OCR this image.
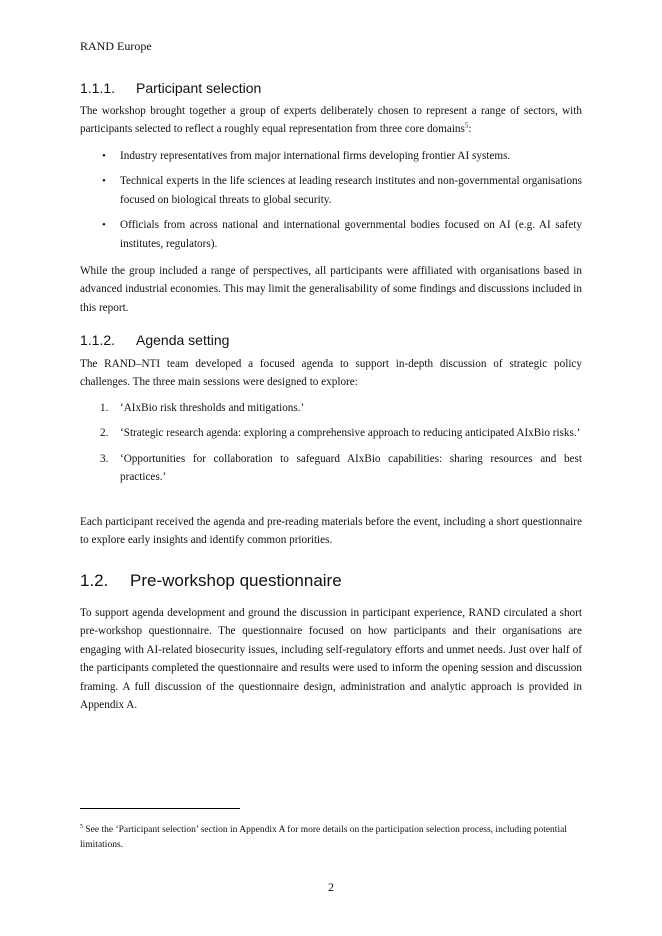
RAND Europe
1.1.1. Participant selection

The workshop brought together a group of experts deliberately chosen to represent a range of sectors, with participants selected to reflect a roughly equal representation from three core domains$^5$:

• Industry representatives from major international firms developing frontier AI systems.
• Technical experts in the life sciences at leading research institutes and non-governmental organisations focused on biological threats to global security.
• Officials from across national and international governmental bodies focused on AI (e.g. AI safety institutes, regulators).

While the group included a range of perspectives, all participants were affiliated with organisations based in advanced industrial economies. This may limit the generalisability of some findings and discussions included in this report.

1.1.2. Agenda setting

The RAND–NTI team developed a focused agenda to support in-depth discussion of strategic policy challenges. The three main sessions were designed to explore:

1. ‘AIxBio risk thresholds and mitigations.’
2. ‘Strategic research agenda: exploring a comprehensive approach to reducing anticipated AIxBio risks.’
3. ‘Opportunities for collaboration to safeguard AIxBio capabilities: sharing resources and best practices.’

Each participant received the agenda and pre-reading materials before the event, including a short questionnaire to explore early insights and identify common priorities.

1.2. Pre-workshop questionnaire

To support agenda development and ground the discussion in participant experience, RAND circulated a short pre-workshop questionnaire. The questionnaire focused on how participants and their organisations are engaging with AI-related biosecurity issues, including self-regulatory efforts and unmet needs. Just over half of the participants completed the questionnaire and results were used to inform the opening session and discussion framing. A full discussion of the questionnaire design, administration and analytic approach is provided in Appendix A.

$^5$ See the ‘Participant selection’ section in Appendix A for more details on the participation selection process, including potential limitations.

2
